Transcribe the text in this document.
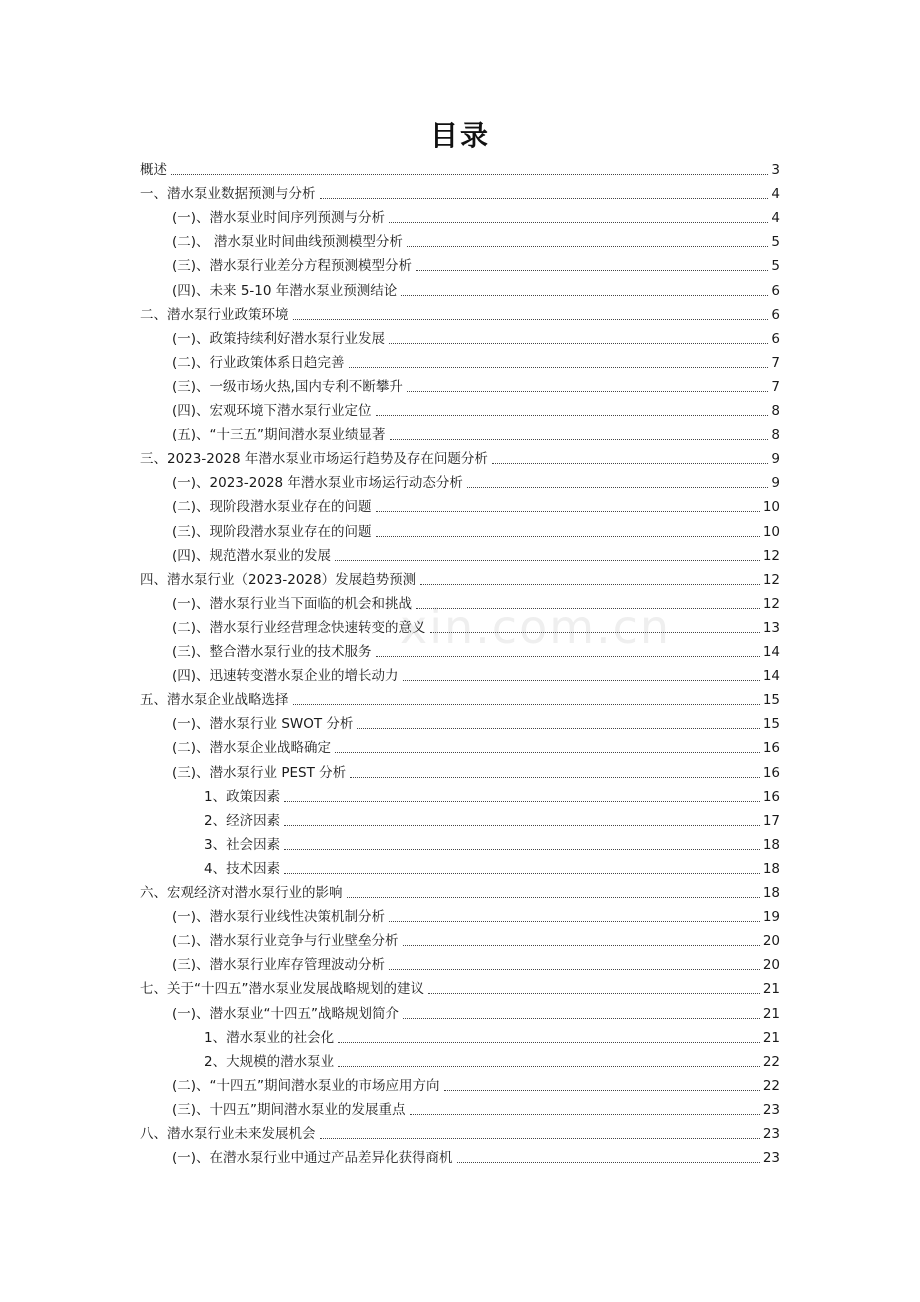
目录
概述	3
一、潜水泵业数据预测与分析	4
(一)、潜水泵业时间序列预测与分析	4
(二)、 潜水泵业时间曲线预测模型分析	5
(三)、潜水泵行业差分方程预测模型分析	5
(四)、未来 5-10 年潜水泵业预测结论	6
二、潜水泵行业政策环境	6
(一)、政策持续利好潜水泵行业发展	6
(二)、行业政策体系日趋完善	7
(三)、一级市场火热,国内专利不断攀升	7
(四)、宏观环境下潜水泵行业定位	8
(五)、“十三五”期间潜水泵业绩显著	8
三、2023-2028 年潜水泵业市场运行趋势及存在问题分析	9
(一)、2023-2028 年潜水泵业市场运行动态分析	9
(二)、现阶段潜水泵业存在的问题	10
(三)、现阶段潜水泵业存在的问题	10
(四)、规范潜水泵业的发展	12
四、潜水泵行业（2023-2028）发展趋势预测	12
(一)、潜水泵行业当下面临的机会和挑战	12
(二)、潜水泵行业经营理念快速转变的意义	13
(三)、整合潜水泵行业的技术服务	14
(四)、迅速转变潜水泵企业的增长动力	14
五、潜水泵企业战略选择	15
(一)、潜水泵行业 SWOT 分析	15
(二)、潜水泵企业战略确定	16
(三)、潜水泵行业 PEST 分析	16
1、政策因素	16
2、经济因素	17
3、社会因素	18
4、技术因素	18
六、宏观经济对潜水泵行业的影响	18
(一)、潜水泵行业线性决策机制分析	19
(二)、潜水泵行业竞争与行业壁垒分析	20
(三)、潜水泵行业库存管理波动分析	20
七、关于“十四五”潜水泵业发展战略规划的建议	21
(一)、潜水泵业“十四五”战略规划简介	21
1、潜水泵业的社会化	21
2、大规模的潜水泵业	22
(二)、“十四五”期间潜水泵业的市场应用方向	22
(三)、十四五”期间潜水泵业的发展重点	23
八、潜水泵行业未来发展机会	23
(一)、在潜水泵行业中通过产品差异化获得商机	23
xin.com.cn
